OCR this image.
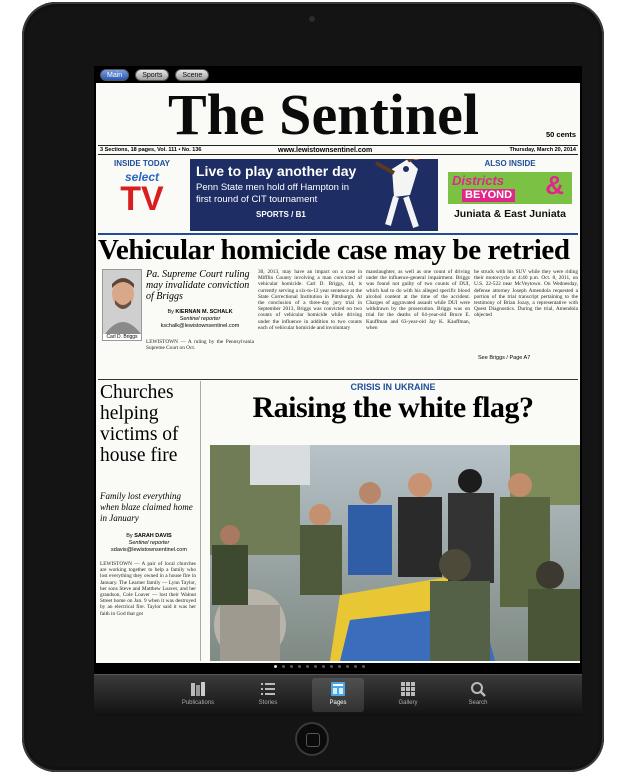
Main	Sports	Scene
The Sentinel	50 cents
3 Sections, 18 pages, Vol. 111 • No. 136	www.lewistownsentinel.com	Thursday, March 20, 2014
INSIDE TODAY
select
TV
Live to play another day
Penn State men hold off Hampton in first round of CIT tournament
SPORTS / B1
ALSO INSIDE
Districts &
BEYOND
Juniata & East Juniata
Vehicular homicide case may be retried
Carl D. Briggs
Pa. Supreme Court ruling may invalidate conviction of Briggs
By KIERNAN M. SCHALK
Sentinel reporter
kschalk@lewistownsentinel.com
LEWISTOWN — A ruling by the Pennsylvania Supreme Court on Oct.
30, 2013, may have an impact on a case in Mifflin County involving a man convicted of vehicular homicide. Carl D. Briggs, 44, is currently serving a six-to-12 year sentence at the State Correctional Institution in Pittsburgh. At the conclusion of a three-day jury trial in September 2013, Briggs was convicted on two counts of vehicular homicide while driving under the influence in addition to two counts each of vehicular homicide and involuntary
manslaughter, as well as one count of driving under the influence-general impairment. Briggs was found not guilty of two counts of DUI, which had to do with his alleged specific blood alcohol content at the time of the accident. Charges of aggravated assault while DUI were withdrawn by the prosecution. Briggs was on trial for the deaths of 64-year-old Bruce E. Kauffman and 63-year-old Jay K. Kauffman, when
he struck with his SUV while they were riding their motorcycle at 4:40 p.m. Oct. 8, 2011, on U.S. 22-522 near McVeytown. On Wednesday, defense attorney Joseph Amendola requested a portion of the trial transcript pertaining to the testimony of Brian Jozay, a representative with Quest Diagnostics. During the trial, Amendola objected
See Briggs / Page A7
Churches helping victims of house fire
Family lost everything when blaze claimed home in January
By SARAH DAVIS
Sentinel reporter
sdavis@lewistownsentinel.com
LEWISTOWN — A pair of local churches are working together to help a family who lost everything they owned in a house fire in January. The Learner family — Lynn Taylor, her sons Steve and Matthew Loaver, and her grandson, Cole Loaver — lost their Walnut Street home on Jan. 9 when it was destroyed by an electrical fire. Taylor said it was her faith in God that got
CRISIS IN UKRAINE
Raising the white flag?
Publications	Stories	Pages	Gallery	Search
